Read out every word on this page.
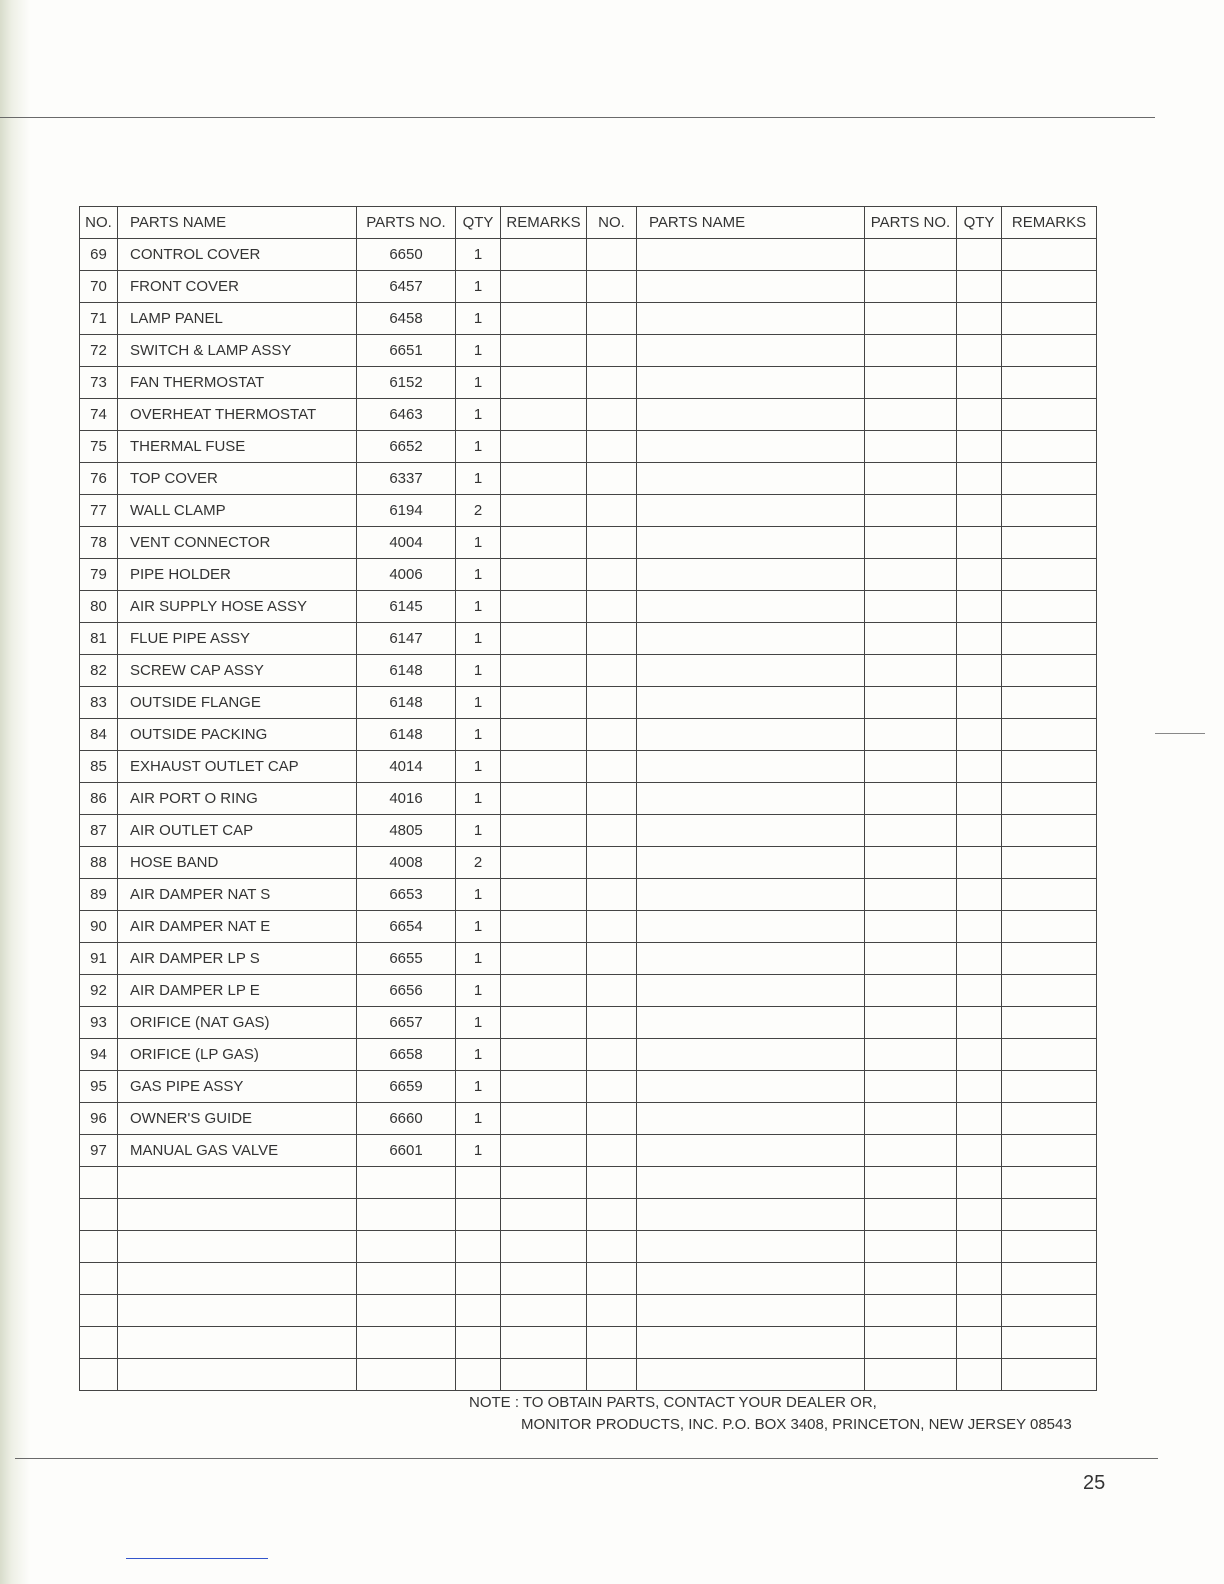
NO.	PARTS NAME	PARTS NO.	QTY	REMARKS	NO.	PARTS NAME	PARTS NO.	QTY	REMARKS
69	CONTROL COVER	6650	1						
70	FRONT COVER	6457	1						
71	LAMP PANEL	6458	1						
72	SWITCH & LAMP ASSY	6651	1						
73	FAN THERMOSTAT	6152	1						
74	OVERHEAT THERMOSTAT	6463	1						
75	THERMAL FUSE	6652	1						
76	TOP COVER	6337	1						
77	WALL CLAMP	6194	2						
78	VENT CONNECTOR	4004	1						
79	PIPE HOLDER	4006	1						
80	AIR SUPPLY HOSE ASSY	6145	1						
81	FLUE PIPE ASSY	6147	1						
82	SCREW CAP ASSY	6148	1						
83	OUTSIDE FLANGE	6148	1						
84	OUTSIDE PACKING	6148	1						
85	EXHAUST OUTLET CAP	4014	1						
86	AIR PORT O RING	4016	1						
87	AIR OUTLET CAP	4805	1						
88	HOSE BAND	4008	2						
89	AIR DAMPER NAT S	6653	1						
90	AIR DAMPER NAT E	6654	1						
91	AIR DAMPER LP S	6655	1						
92	AIR DAMPER LP E	6656	1						
93	ORIFICE (NAT GAS)	6657	1						
94	ORIFICE (LP GAS)	6658	1						
95	GAS PIPE ASSY	6659	1						
96	OWNER'S GUIDE	6660	1						
97	MANUAL GAS VALVE	6601	1						

NOTE : TO OBTAIN PARTS, CONTACT YOUR DEALER OR,
MONITOR PRODUCTS, INC. P.O. BOX 3408, PRINCETON, NEW JERSEY 08543
25
